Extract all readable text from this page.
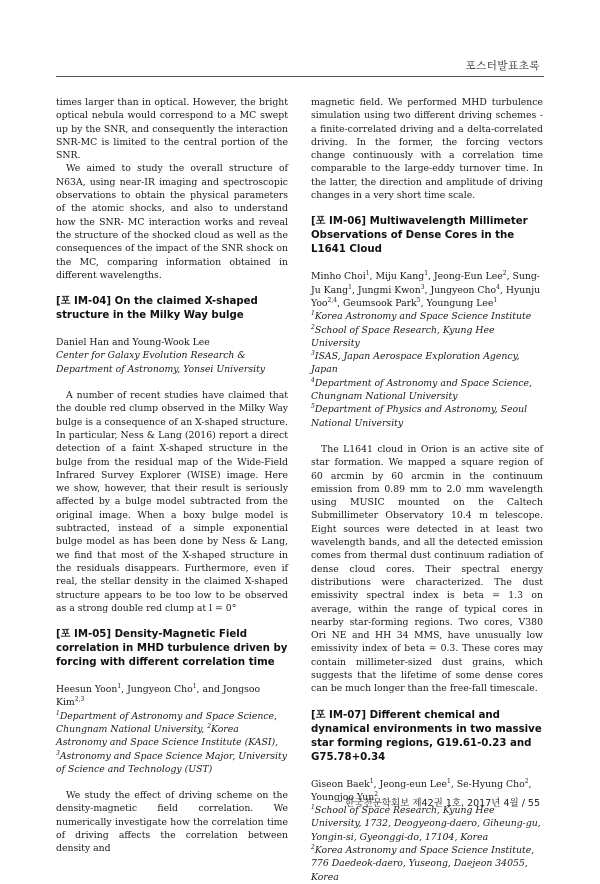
포스터발표초록

times larger than in optical. However, the bright optical nebula would correspond to a MC swept up by the SNR, and consequently the interaction SNR-MC is limited to the central portion of the SNR.

We aimed to study the overall structure of N63A, using near-IR imaging and spectroscopic observations to obtain the physical parameters of the atomic shocks, and also to understand how the SNR- MC interaction works and reveal the structure of the shocked cloud as well as the consequences of the impact of the SNR shock on the MC, comparing information obtained in different wavelengths.

[포 IM-04] On the claimed X-shaped structure in the Milky Way bulge

Daniel Han and Young-Wook Lee

Center for Galaxy Evolution Research &

Department of Astronomy, Yonsei University

A number of recent studies have claimed that the double red clump observed in the Milky Way bulge is a consequence of an X-shaped structure. In particular, Ness & Lang (2016) report a direct detection of a faint X-shaped structure in the bulge from the residual map of the Wide-Field Infrared Survey Explorer (WISE) image. Here we show, however, that their result is seriously affected by a bulge model subtracted from the original image. When a boxy bulge model is subtracted, instead of a simple exponential bulge model as has been done by Ness & Lang, we find that most of the X-shaped structure in the residuals disappears. Furthermore, even if real, the stellar density in the claimed X-shaped structure appears to be too low to be observed as a strong double red clump at l = 0°

[포 IM-05] Density-Magnetic Field correlation in MHD turbulence driven by forcing with different correlation time

Heesun Yoon$^1$, Jungyeon Cho$^1$, and Jongsoo Kim$^{2,3}$

$^1$Department of Astronomy and Space Science, Chungnam National University, $^2$Korea Astronomy and Space Science Institute (KASI), $^3$Astronomy and Space Science Major, University of Science and Technology (UST)

We study the effect of driving scheme on the density-magnetic field correlation. We numerically investigate how the correlation time of driving affects the correlation between density and

magnetic field. We performed MHD turbulence simulation using two different driving schemes - a finite-correlated driving and a delta-correlated driving. In the former, the forcing vectors change continuously with a correlation time comparable to the large-eddy turnover time. In the latter, the direction and amplitude of driving changes in a very short time scale.

[포 IM-06] Multiwavelength Millimeter Observations of Dense Cores in the L1641 Cloud

Minho Choi$^1$, Miju Kang$^1$, Jeong-Eun Lee$^2$, Sung-Ju Kang$^1$, Jungmi Kwon$^3$, Jungyeon Cho$^4$, Hyunju Yoo$^{2,4}$, Geumsook Park$^5$, Youngung Lee$^1$

$^1$Korea Astronomy and Space Science Institute

$^2$School of Space Research, Kyung Hee University

$^3$ISAS, Japan Aerospace Exploration Agency, Japan

$^4$Department of Astronomy and Space Science, Chungnam National University

$^5$Department of Physics and Astronomy, Seoul National University

The L1641 cloud in Orion is an active site of star formation. We mapped a square region of 60 arcmin by 60 arcmin in the continuum emission from 0.89 mm to 2.0 mm wavelength using MUSIC mounted on the Caltech Submillimeter Observatory 10.4 m telescope. Eight sources were detected in at least two wavelength bands, and all the detected emission comes from thermal dust continuum radiation of dense cloud cores. Their spectral energy distributions were characterized. The dust emissivity spectral index is beta = 1.3 on average, within the range of typical cores in nearby star-forming regions. Two cores, V380 Ori NE and HH 34 MMS, have unusually low emissivity index of beta = 0.3. These cores may contain millimeter-sized dust grains, which suggests that the lifetime of some dense cores can be much longer than the free-fall timescale.

[포 IM-07] Different chemical and dynamical environments in two massive star forming regions, G19.61-0.23 and G75.78+0.34

Giseon Baek$^1$, Jeong-eun Lee$^1$, Se-Hyung Cho$^2$, Youngjoo Yun$^2$

$^1$School of Space Research, Kyung Hee University, 1732, Deogyeong-daero, Giheung-gu, Yongin-si, Gyeonggi-do, 17104, Korea

$^2$Korea Astronomy and Space Science Institute, 776 Daedeok-daero, Yuseong, Daejeon 34055, Korea

한국천문학회보 제42권 1호, 2017년 4월 / 55
